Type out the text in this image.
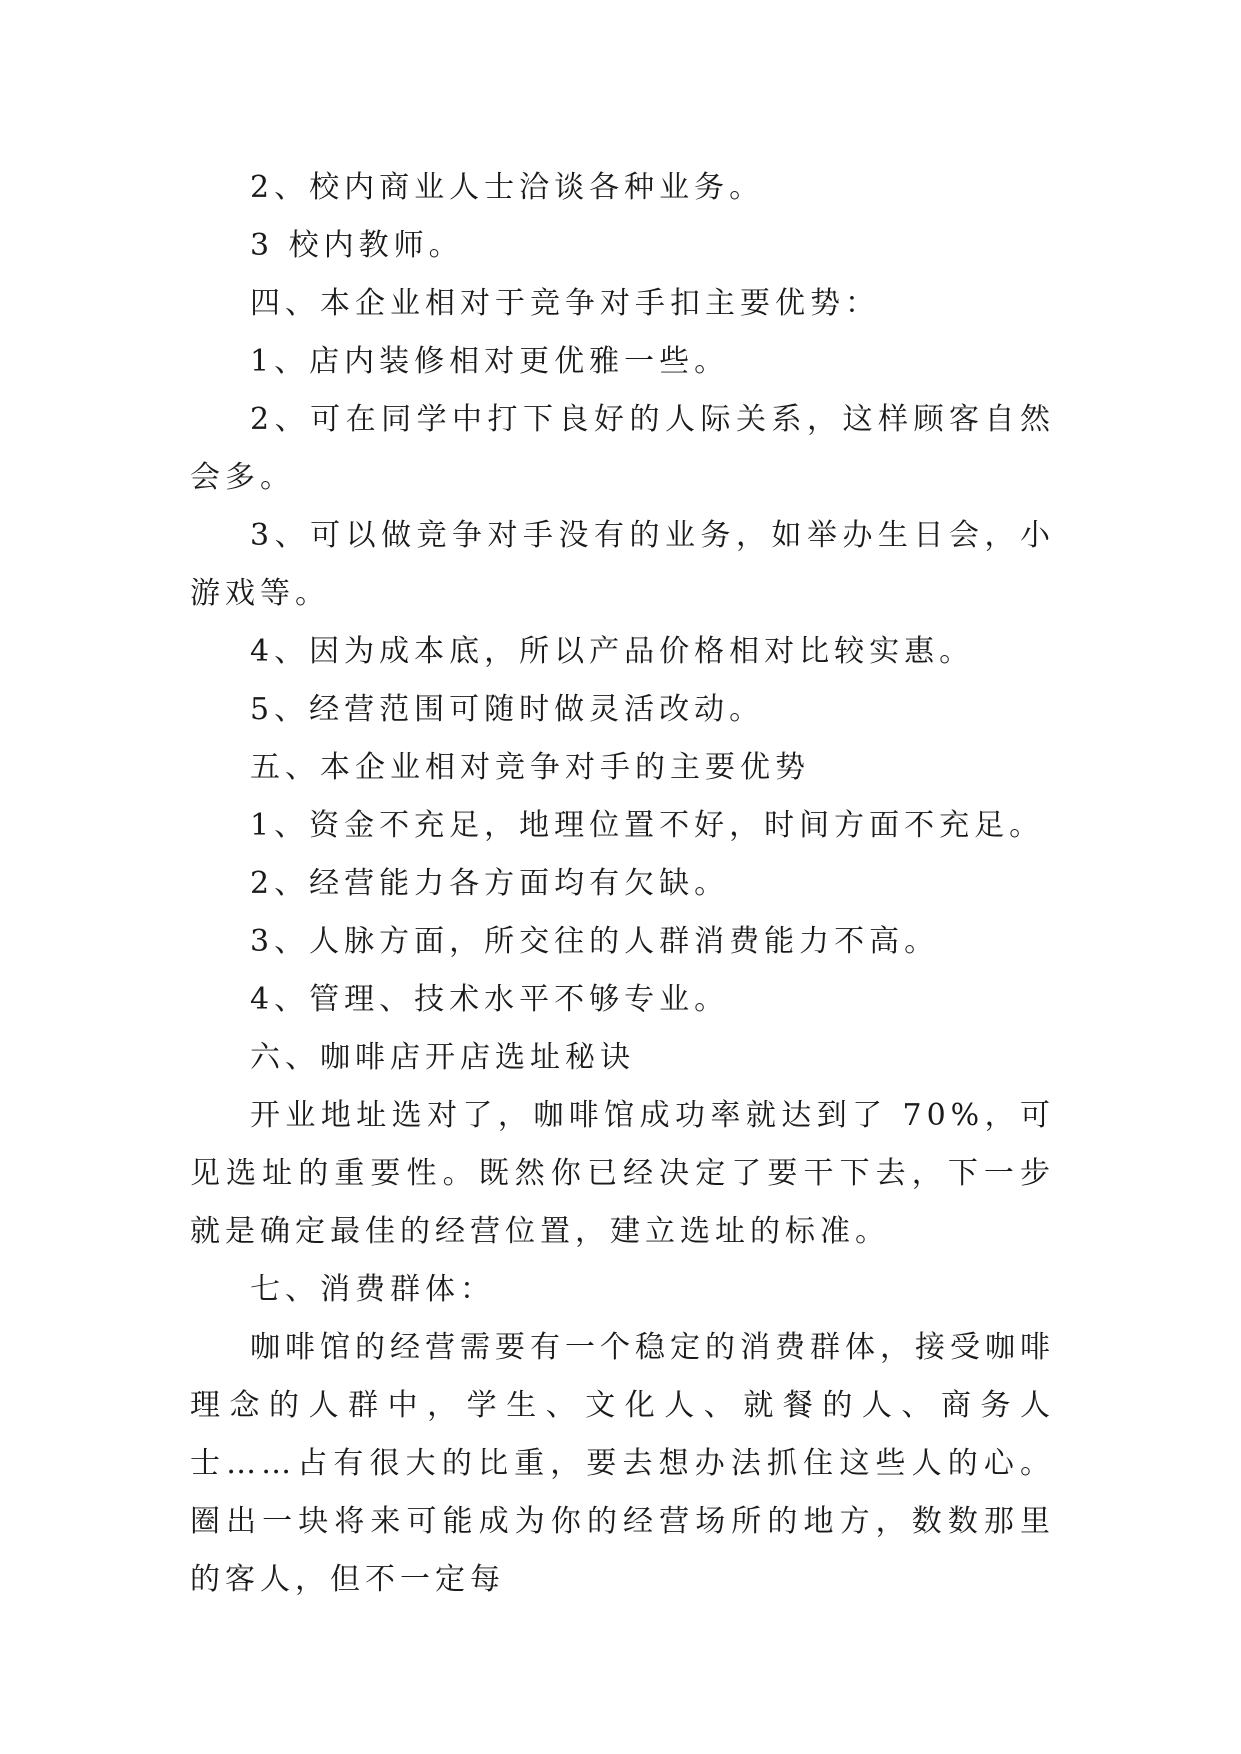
2、校内商业人士洽谈各种业务。

3 校内教师。

四、本企业相对于竞争对手扣主要优势：

1、店内装修相对更优雅一些。

2、可在同学中打下良好的人际关系，这样顾客自然会多。

3、可以做竞争对手没有的业务，如举办生日会，小游戏等。

4、因为成本底，所以产品价格相对比较实惠。

5、经营范围可随时做灵活改动。

五、本企业相对竞争对手的主要优势

1、资金不充足，地理位置不好，时间方面不充足。

2、经营能力各方面均有欠缺。

3、人脉方面，所交往的人群消费能力不高。

4、管理、技术水平不够专业。

六、咖啡店开店选址秘诀

开业地址选对了，咖啡馆成功率就达到了 70%，可见选址的重要性。既然你已经决定了要干下去，下一步就是确定最佳的经营位置，建立选址的标准。

七、消费群体：

咖啡馆的经营需要有一个稳定的消费群体，接受咖啡理念的人群中，学生、文化人、就餐的人、商务人士……占有很大的比重，要去想办法抓住这些人的心。圈出一块将来可能成为你的经营场所的地方，数数那里的客人，但不一定每
